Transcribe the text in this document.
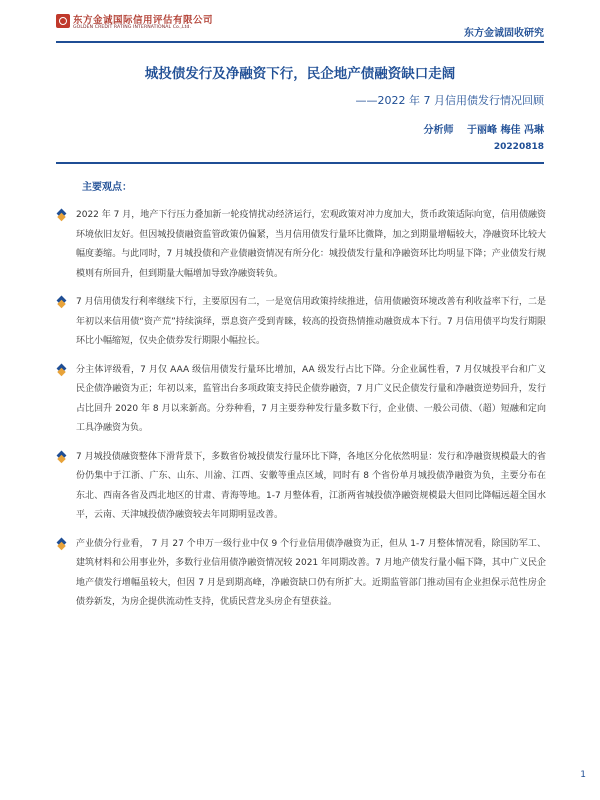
东方金诚国际信用评估有限公司
GOLDEN CREDIT RATING INTERNATIONAL Co.,Ltd.
东方金诚固收研究
城投债发行及净融资下行，民企地产债融资缺口走阔
——2022 年 7 月信用债发行情况回顾
分析师 于丽峰 梅佳 冯琳
20220818
主要观点：
2022 年 7 月，地产下行压力叠加新一轮疫情扰动经济运行，宏观政策对冲力度加大，货币政策适际向宽，信用债融资环境依旧友好。但因城投债融资监管政策仍偏紧，当月信用债发行量环比微降，加之到期量增幅较大，净融资环比较大幅度萎缩。与此同时，7 月城投债和产业债融资情况有所分化：城投债发行量和净融资环比均明显下降；产业债发行规模则有所回升，但到期量大幅增加导致净融资转负。
7 月信用债发行利率继续下行，主要原因有二，一是宽信用政策持续推进，信用债融资环境改善有利收益率下行，二是年初以来信用债“资产荒”持续演绎，票息资产受到青睐，较高的投资热情推动融资成本下行。7 月信用债平均发行期限环比小幅缩短，仅央企债券发行期限小幅拉长。
分主体评级看，7 月仅 AAA 级信用债发行量环比增加，AA 级发行占比下降。分企业属性看，7 月仅城投平台和广义民企债净融资为正；年初以来，监管出台多项政策支持民企债券融资，7 月广义民企债发行量和净融资逆势回升，发行占比回升 2020 年 8 月以来新高。分券种看，7 月主要券种发行量多数下行，企业债、一般公司债、（超）短融和定向工具净融资为负。
7 月城投债融资整体下滑背景下，多数省份城投债发行量环比下降，各地区分化依然明显：发行和净融资规模最大的省份仍集中于江浙、广东、山东、川渝、江西、安徽等重点区域，同时有 8 个省份单月城投债净融资为负，主要分布在东北、西南各省及西北地区的甘肃、青海等地。1-7 月整体看，江浙两省城投债净融资规模最大但同比降幅远超全国水平，云南、天津城投债净融资较去年同期明显改善。
产业债分行业看， 7 月 27 个申万一级行业中仅 9 个行业信用债净融资为正，但从 1-7 月整体情况看，除国防军工、建筑材料和公用事业外，多数行业信用债净融资情况较 2021 年同期改善。7 月地产债发行量小幅下降，其中广义民企地产债发行增幅虽较大，但因 7 月是到期高峰，净融资缺口仍有所扩大。近期监管部门推动国有企业担保示范性房企债券新发，为房企提供流动性支持，优质民营龙头房企有望获益。
1
